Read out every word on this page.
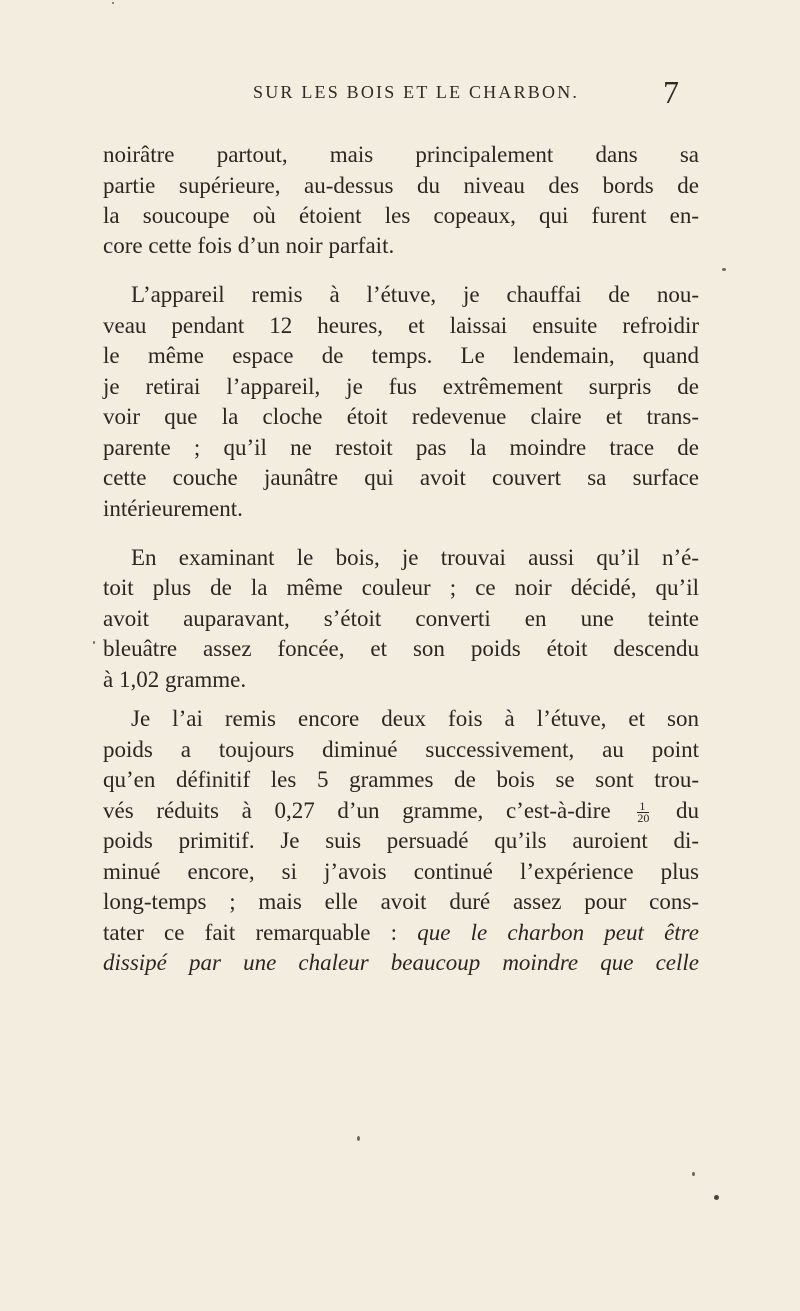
SUR LES BOIS ET LE CHARBON.	7
noirâtre partout, mais principalement dans sa
partie supérieure, au-dessus du niveau des bords de
la soucoupe où étoient les copeaux, qui furent en-
core cette fois d’un noir parfait.
L’appareil remis à l’étuve, je chauffai de nou-
veau pendant 12 heures, et laissai ensuite refroidir
le même espace de temps. Le lendemain, quand
je retirai l’appareil, je fus extrêmement surpris de
voir que la cloche étoit redevenue claire et trans-
parente ; qu’il ne restoit pas la moindre trace de
cette couche jaunâtre qui avoit couvert sa surface
intérieurement.
En examinant le bois, je trouvai aussi qu’il n’é-
toit plus de la même couleur ; ce noir décidé, qu’il
avoit auparavant, s’étoit converti en une teinte
bleuâtre assez foncée, et son poids étoit descendu
à 1,02 gramme.
Je l’ai remis encore deux fois à l’étuve, et son
poids a toujours diminué successivement, au point
qu’en définitif les 5 grammes de bois se sont trou-
vés réduits à 0,27 d’un gramme, c’est-à-dire $\frac{1}{20}$ du
poids primitif. Je suis persuadé qu’ils auroient di-
minué encore, si j’avois continué l’expérience plus
long-temps ; mais elle avoit duré assez pour cons-
tater ce fait remarquable : que le charbon peut être
dissipé par une chaleur beaucoup moindre que celle
